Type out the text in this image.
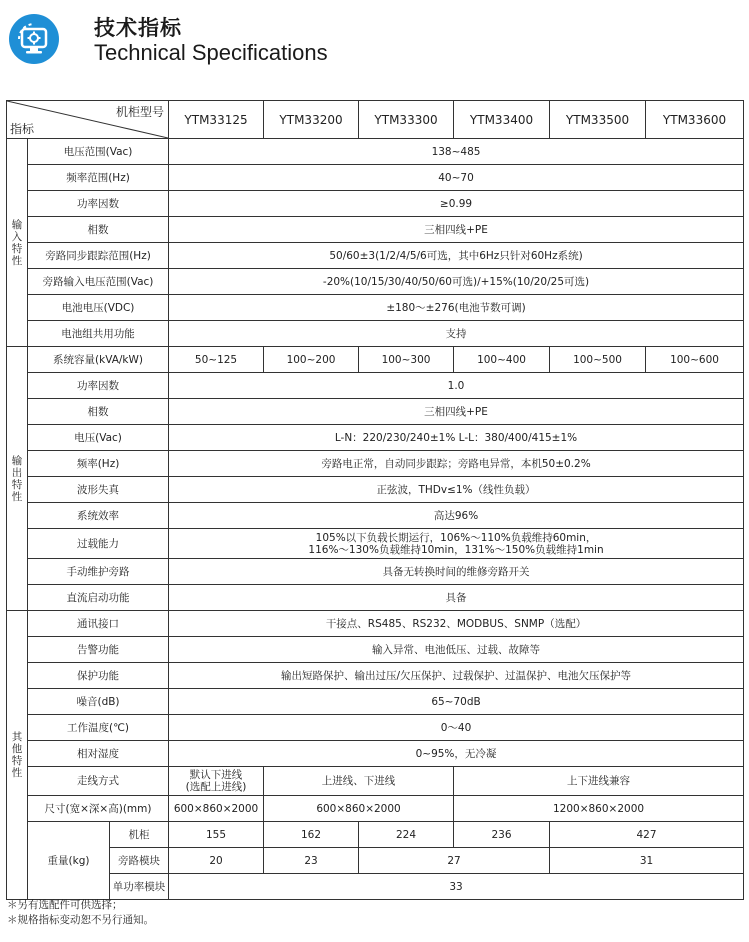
技术指标
Technical Specifications
机柜型号
指标			YTM33125	YTM33200	YTM33300	YTM33400	YTM33500	YTM33600

输
入
特
性	电压范围(Vac)		138~485					
	频率范围(Hz)		40~70					
	功率因数		≥0.99					
	相数		三相四线+PE					
	旁路同步跟踪范围(Hz)		50/60±3(1/2/4/5/6可选，其中6Hz只针对60Hz系统)					
	旁路输入电压范围(Vac)		-20%(10/15/30/40/50/60可选)/+15%(10/20/25可选)					
	电池电压(VDC)		±180～±276(电池节数可调)					
	电池组共用功能		支持					

输
出
特
性	系统容量(kVA/kW)		50~125	100~200	100~300	100~400	100~500	100~600
	功率因数		1.0					
	相数		三相四线+PE					
	电压(Vac)		L-N：220/230/240±1% L-L：380/400/415±1%					
	频率(Hz)		旁路电正常，自动同步跟踪；旁路电异常，本机50±0.2%					
	波形失真		正弦波，THDv≤1%（线性负载）					
	系统效率		高达96%					
	过载能力		105%以下负载长期运行，106%～110%负载维持60min，
116%～130%负载维持10min，131%～150%负载维持1min					

	手动维护旁路		具备无转换时间的维修旁路开关					
	直流启动功能		具备					

其
他
特
性	通讯接口		干接点、RS485、RS232、MODBUS、SNMP（选配）					
	告警功能		输入异常、电池低压、过载、故障等					
	保护功能		输出短路保护、输出过压/欠压保护、过载保护、过温保护、电池欠压保护等					
	噪音(dB)		65~70dB					
	工作温度(℃)		0～40					
	相对湿度		0~95%，无冷凝					
	走线方式		默认下进线
(选配上进线)	上进线、下进线		上下进线兼容		
	尺寸(宽×深×高)(mm)		600×860×2000	600×860×2000		1200×860×2000		
	重量(kg)	机柜	155	162	224	236	427	
		旁路模块	20	23	27		31	
		单功率模块	33					
＊另有选配件可供选择；
＊规格指标变动恕不另行通知。
